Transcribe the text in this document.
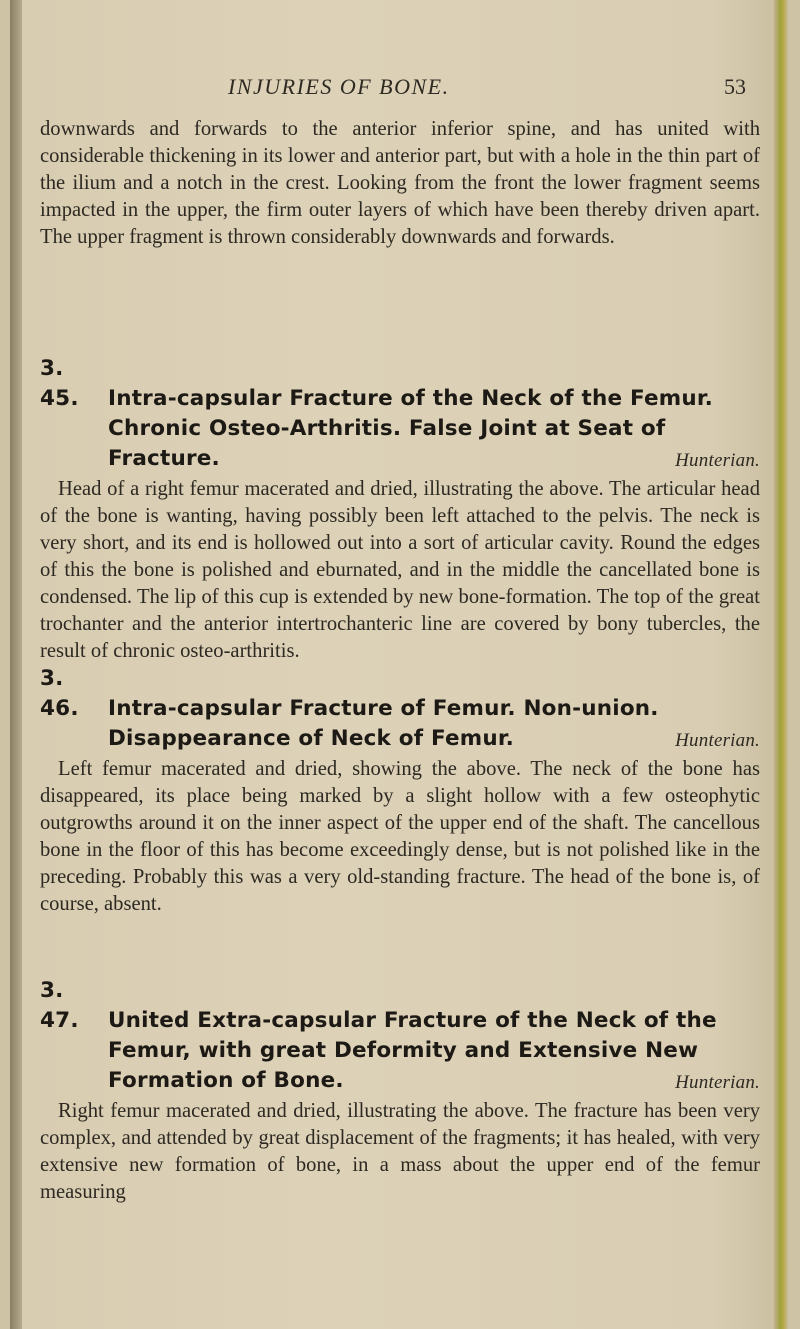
INJURIES OF BONE.	53

downwards and forwards to the anterior inferior spine, and has united with considerable thickening in its lower and anterior part, but with a hole in the thin part of the ilium and a notch in the crest. Looking from the front the lower fragment seems impacted in the upper, the firm outer layers of which have been thereby driven apart. The upper fragment is thrown considerably downwards and forwards.

3. 45. Intra-capsular Fracture of the Neck of the Femur. Chronic Osteo-Arthritis. False Joint at Seat of Fracture.	Hunterian.

Head of a right femur macerated and dried, illustrating the above. The articular head of the bone is wanting, having possibly been left attached to the pelvis. The neck is very short, and its end is hollowed out into a sort of articular cavity. Round the edges of this the bone is polished and eburnated, and in the middle the cancellated bone is condensed. The lip of this cup is extended by new bone-formation. The top of the great trochanter and the anterior intertrochanteric line are covered by bony tubercles, the result of chronic osteo-arthritis.

3. 46. Intra-capsular Fracture of Femur. Non-union. Disappearance of Neck of Femur.	Hunterian.

Left femur macerated and dried, showing the above. The neck of the bone has disappeared, its place being marked by a slight hollow with a few osteophytic outgrowths around it on the inner aspect of the upper end of the shaft. The cancellous bone in the floor of this has become exceedingly dense, but is not polished like in the preceding. Probably this was a very old-standing fracture. The head of the bone is, of course, absent.

3. 47. United Extra-capsular Fracture of the Neck of the Femur, with great Deformity and Extensive New Formation of Bone.	Hunterian.

Right femur macerated and dried, illustrating the above. The fracture has been very complex, and attended by great displacement of the fragments; it has healed, with very extensive new formation of bone, in a mass about the upper end of the femur measuring
